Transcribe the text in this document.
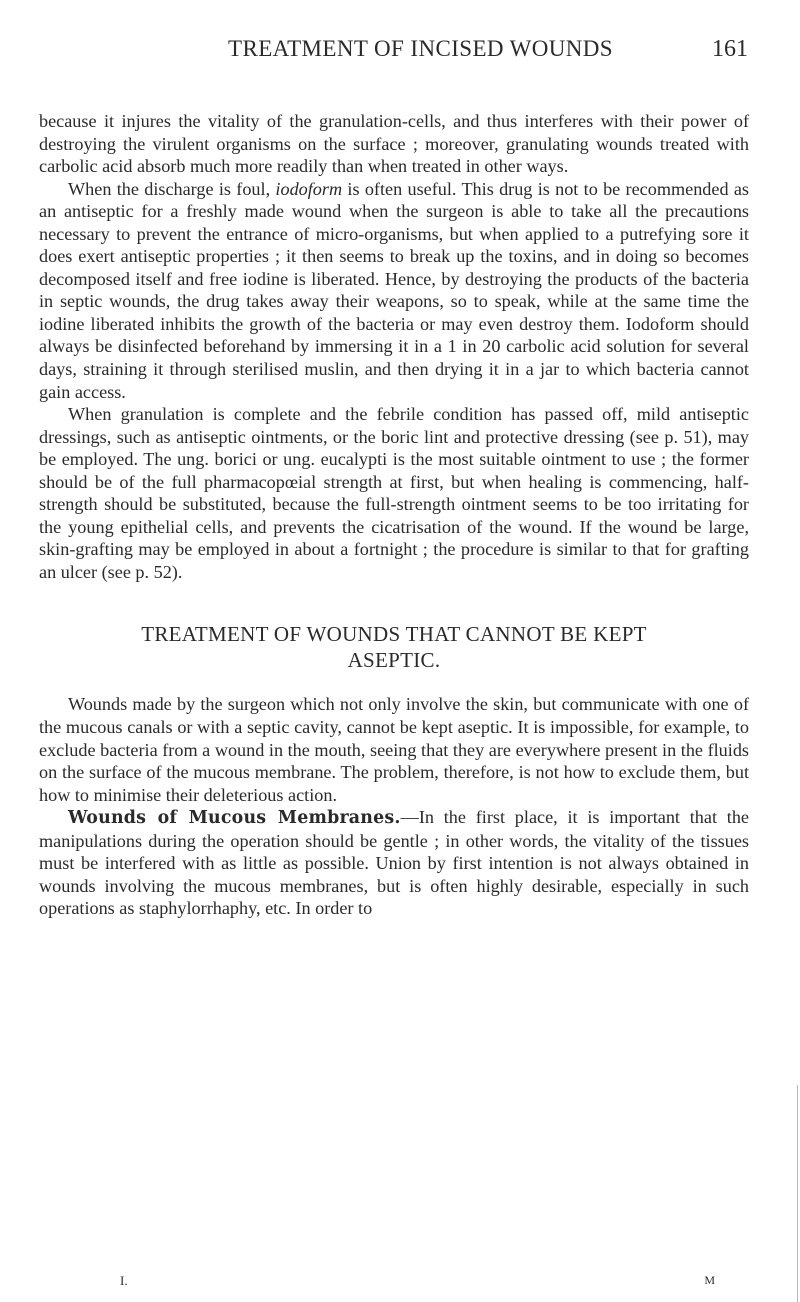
TREATMENT OF INCISED WOUNDS	161

because it injures the vitality of the granulation-cells, and thus interferes with their power of destroying the virulent organisms on the surface ; moreover, granulating wounds treated with carbolic acid absorb much more readily than when treated in other ways.

When the discharge is foul, iodoform is often useful. This drug is not to be recommended as an antiseptic for a freshly made wound when the surgeon is able to take all the precautions necessary to prevent the entrance of micro-organisms, but when applied to a putrefying sore it does exert antiseptic properties ; it then seems to break up the toxins, and in doing so becomes decomposed itself and free iodine is liberated. Hence, by destroying the products of the bacteria in septic wounds, the drug takes away their weapons, so to speak, while at the same time the iodine liberated inhibits the growth of the bacteria or may even destroy them. Iodoform should always be disinfected beforehand by immersing it in a 1 in 20 carbolic acid solution for several days, straining it through sterilised muslin, and then drying it in a jar to which bacteria cannot gain access.

When granulation is complete and the febrile condition has passed off, mild antiseptic dressings, such as antiseptic ointments, or the boric lint and protective dressing (see p. 51), may be employed. The ung. borici or ung. eucalypti is the most suitable ointment to use ; the former should be of the full pharmacopœial strength at first, but when healing is commencing, half-strength should be substituted, because the full-strength ointment seems to be too irritating for the young epithelial cells, and prevents the cicatrisation of the wound. If the wound be large, skin-grafting may be employed in about a fortnight ; the procedure is similar to that for grafting an ulcer (see p. 52).

TREATMENT OF WOUNDS THAT CANNOT BE KEPT
ASEPTIC.

Wounds made by the surgeon which not only involve the skin, but communicate with one of the mucous canals or with a septic cavity, cannot be kept aseptic. It is impossible, for example, to exclude bacteria from a wound in the mouth, seeing that they are everywhere present in the fluids on the surface of the mucous membrane. The problem, therefore, is not how to exclude them, but how to minimise their deleterious action.

Wounds of Mucous Membranes.—In the first place, it is important that the manipulations during the operation should be gentle ; in other words, the vitality of the tissues must be interfered with as little as possible. Union by first intention is not always obtained in wounds involving the mucous membranes, but is often highly desirable, especially in such operations as staphylorrhaphy, etc. In order to

I.	M
